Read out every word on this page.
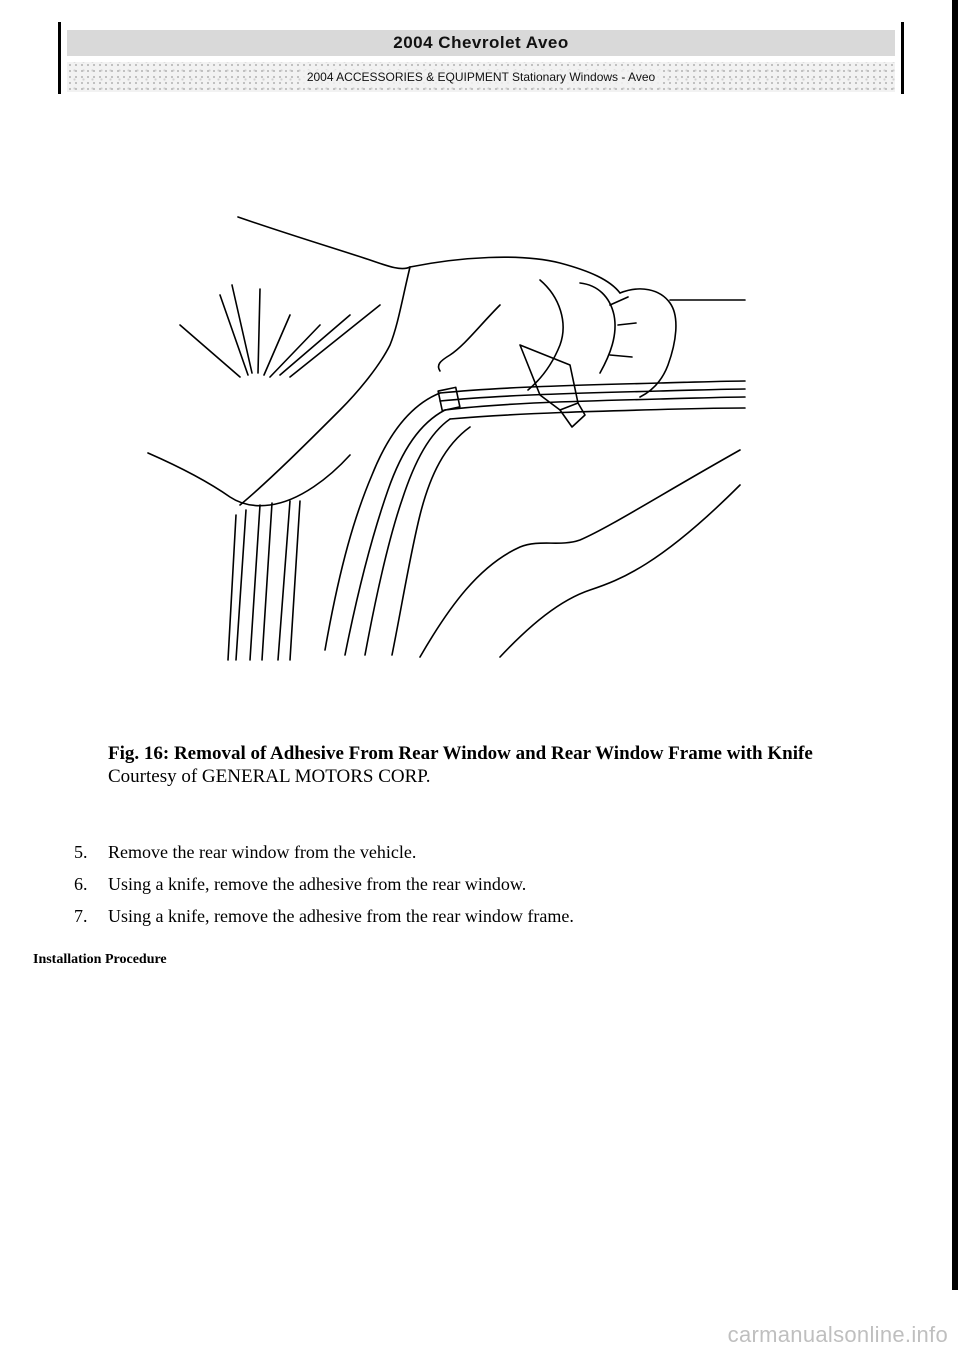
2004 Chevrolet Aveo
2004 ACCESSORIES & EQUIPMENT Stationary Windows - Aveo
Fig. 16: Removal of Adhesive From Rear Window and Rear Window Frame with Knife
Courtesy of GENERAL MOTORS CORP.
5.	Remove the rear window from the vehicle.
6.	Using a knife, remove the adhesive from the rear window.
7.	Using a knife, remove the adhesive from the rear window frame.
Installation Procedure
carmanualsonline.info
